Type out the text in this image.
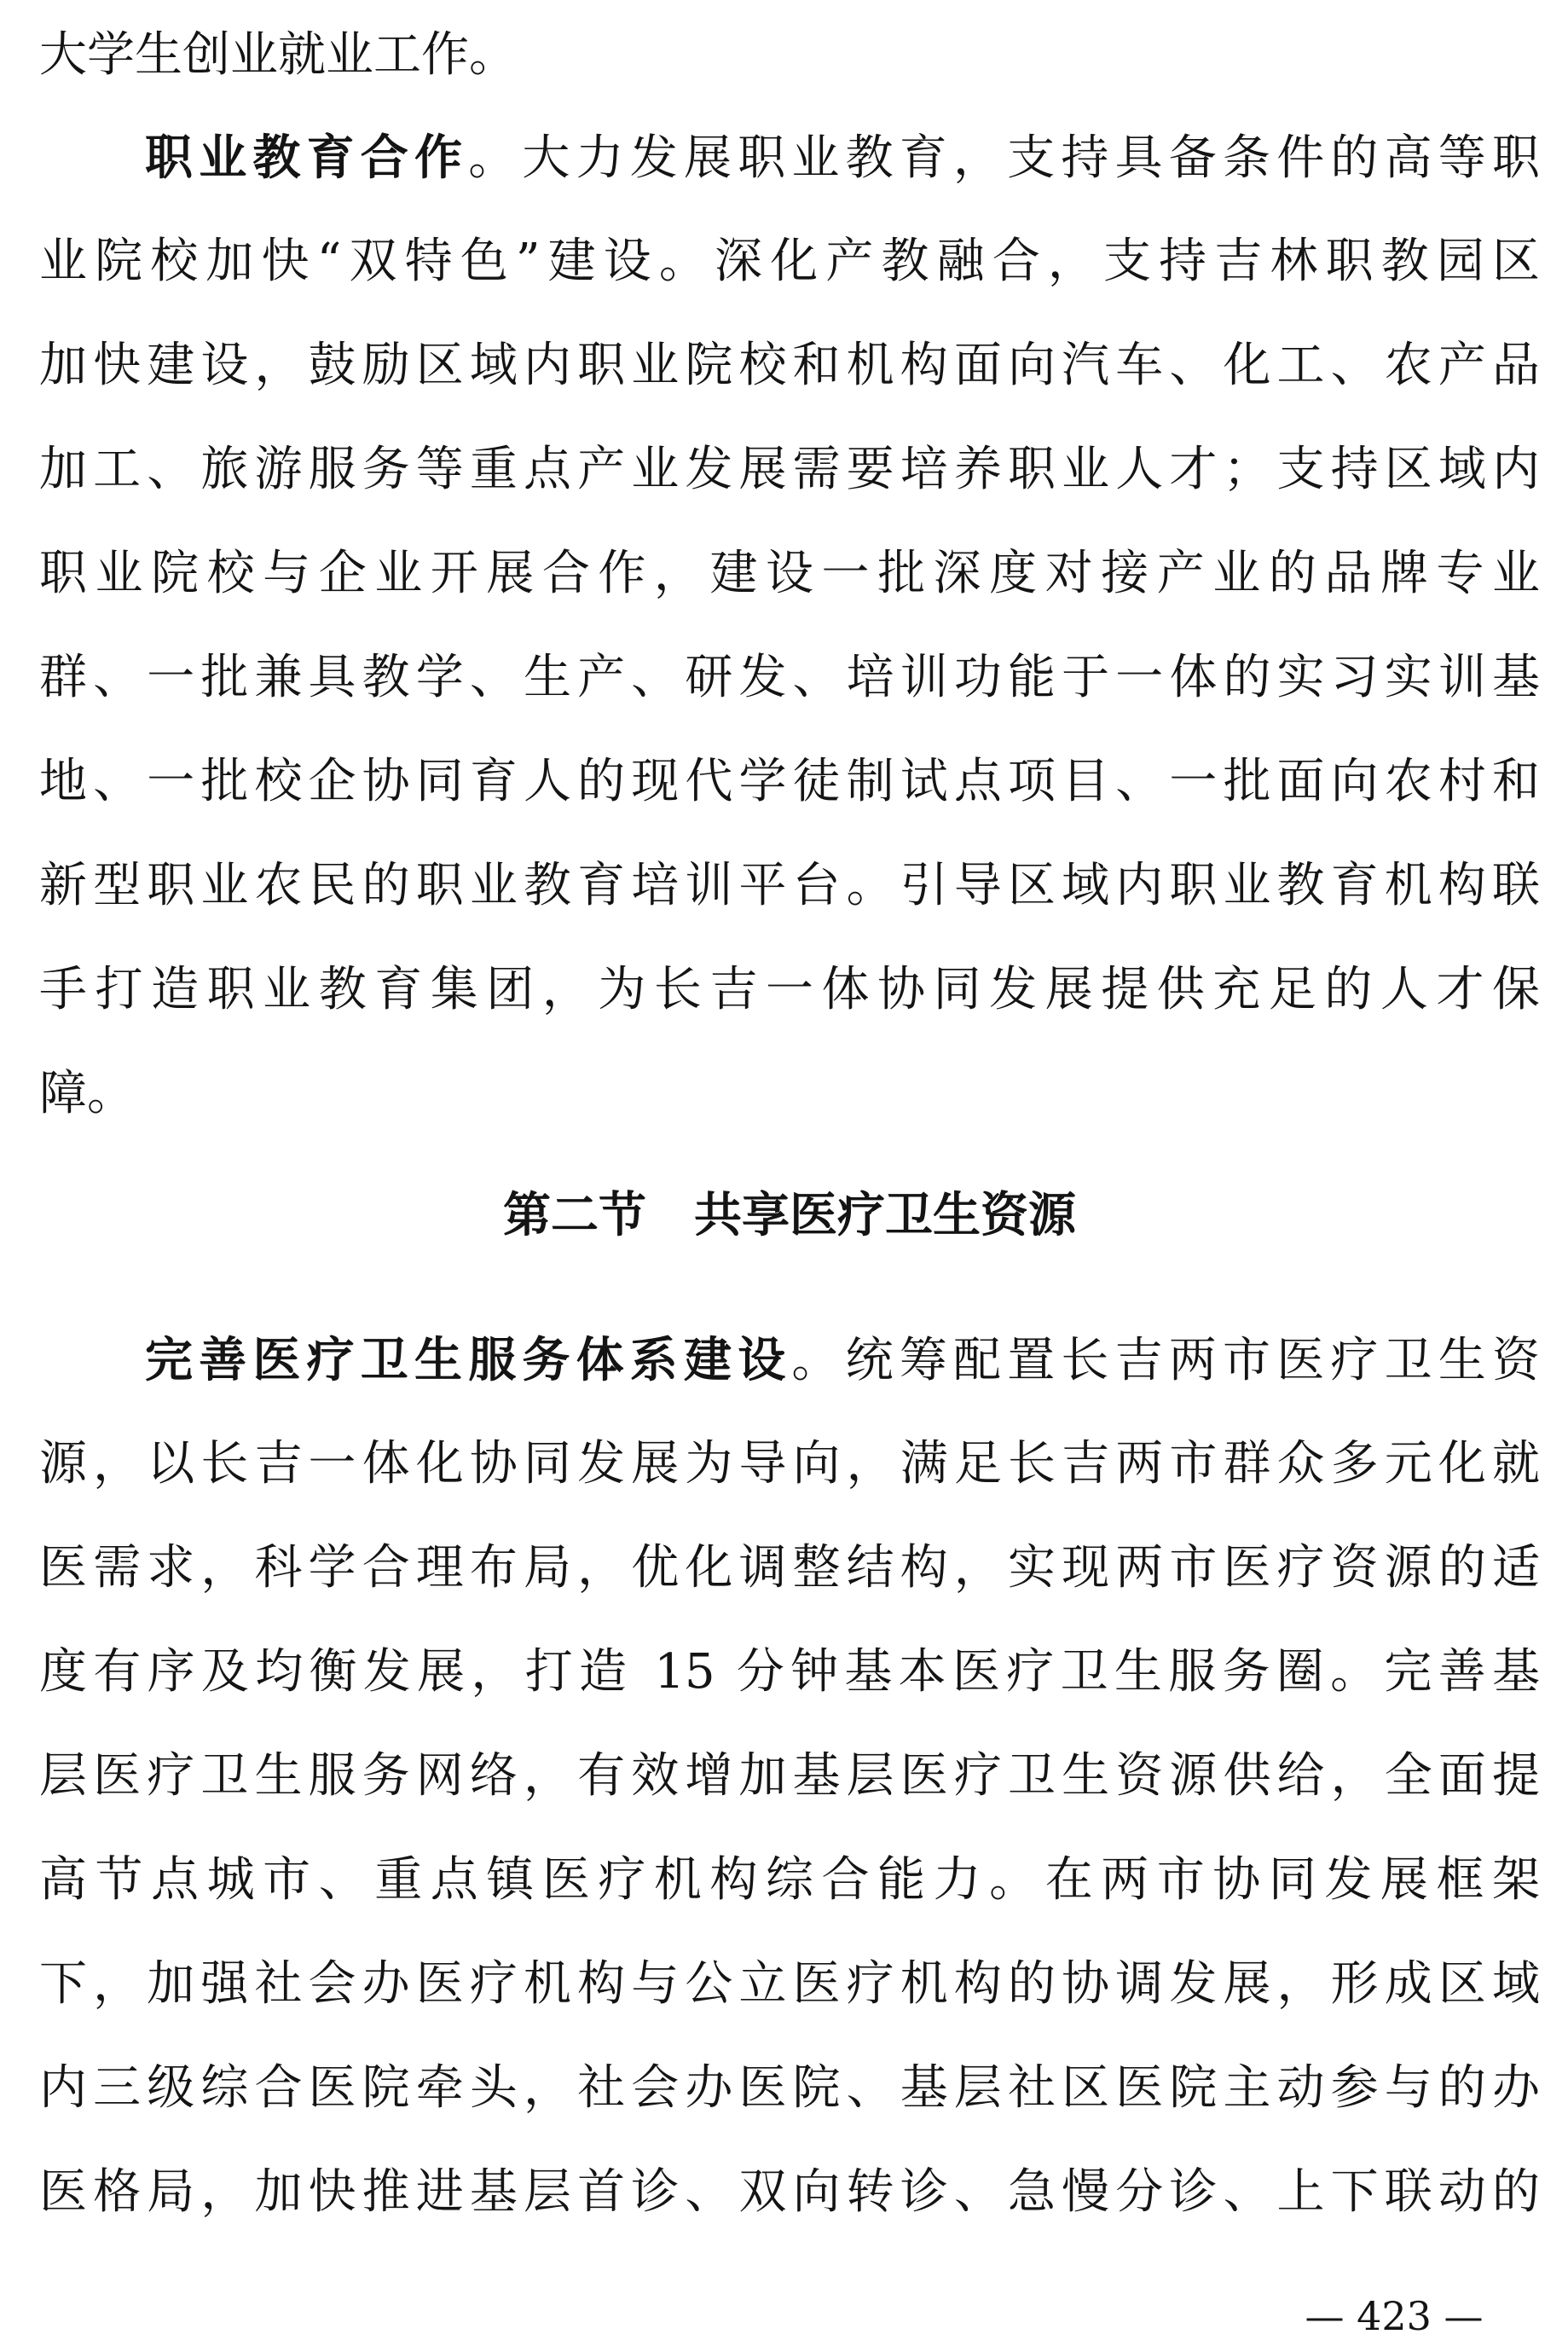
大学生创业就业工作。
职业教育合作。大力发展职业教育，支持具备条件的高等职
业院校加快“双特色”建设。深化产教融合，支持吉林职教园区
加快建设，鼓励区域内职业院校和机构面向汽车、化工、农产品
加工、旅游服务等重点产业发展需要培养职业人才；支持区域内
职业院校与企业开展合作，建设一批深度对接产业的品牌专业
群、一批兼具教学、生产、研发、培训功能于一体的实习实训基
地、一批校企协同育人的现代学徒制试点项目、一批面向农村和
新型职业农民的职业教育培训平台。引导区域内职业教育机构联
手打造职业教育集团，为长吉一体协同发展提供充足的人才保
障。
第二节　共享医疗卫生资源
完善医疗卫生服务体系建设。统筹配置长吉两市医疗卫生资
源，以长吉一体化协同发展为导向，满足长吉两市群众多元化就
医需求，科学合理布局，优化调整结构，实现两市医疗资源的适
度有序及均衡发展，打造 15 分钟基本医疗卫生服务圈。完善基
层医疗卫生服务网络，有效增加基层医疗卫生资源供给，全面提
高节点城市、重点镇医疗机构综合能力。在两市协同发展框架
下，加强社会办医疗机构与公立医疗机构的协调发展，形成区域
内三级综合医院牵头，社会办医院、基层社区医院主动参与的办
医格局，加快推进基层首诊、双向转诊、急慢分诊、上下联动的
— 423 —
